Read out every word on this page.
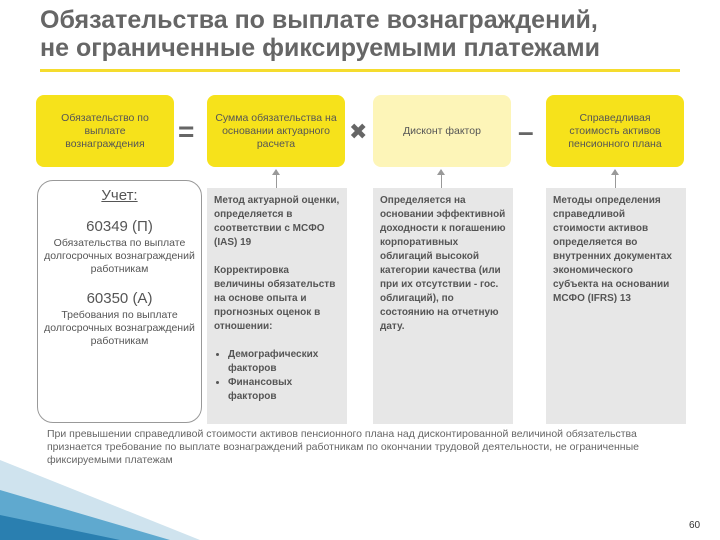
Обязательства по выплате вознаграждений,
не ограниченные фиксируемыми платежами
Обязательство по выплате вознаграждения	=	Сумма обязательства на основании актуарного расчета	✖	Дисконт фактор	–	Справедливая стоимость активов пенсионного плана
Учет:
60349 (П)
Обязательства по выплате долгосрочных вознаграждений работникам
60350 (А)
Требования по выплате долгосрочных вознаграждений работникам

Метод актуарной оценки, определяется в соответствии с МСФО (IAS) 19

Корректировка величины обязательств на основе опыта и прогнозных оценок в отношении:

• Демографических факторов
• Финансовых факторов

Определяется на основании эффективной доходности к погашению корпоративных облигаций высокой категории качества (или при их отсутствии - гос. облигаций), по состоянию на отчетную дату.

Методы определения справедливой стоимости активов определяется во внутренних документах экономического субъекта на основании МСФО (IFRS) 13

При превышении справедливой стоимости активов пенсионного плана над дисконтированной величиной обязательства признается требование по выплате вознаграждений работникам по окончании трудовой деятельности, не ограниченные фиксируемыми платежам
60
